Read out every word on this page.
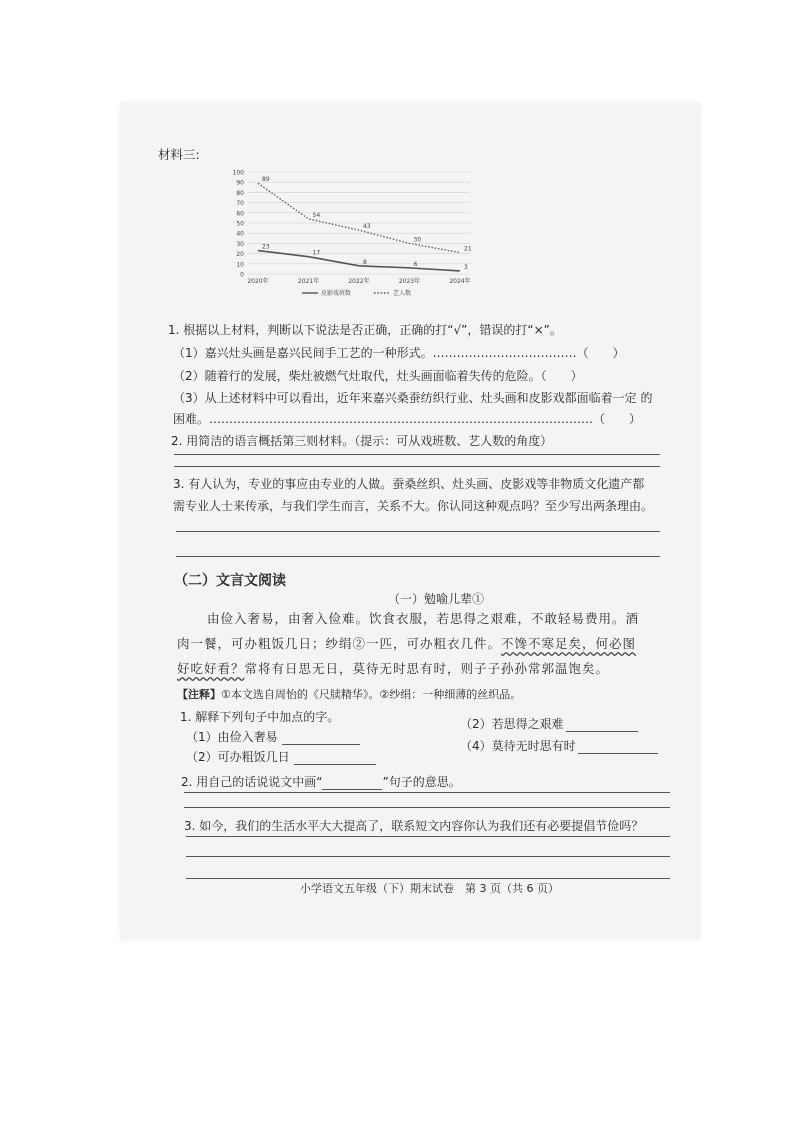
材料三:
0
10
20
30
40
50
60
70
80
90
100
2020年	2021年	2022年	2023年	2024年
23
17
8	6	3
89
54
43
30
21
皮影戏班数	艺人数
1. 根据以上材料，判断以下说法是否正确，正确的打“√”，错误的打“×”。
（1）嘉兴灶头画是嘉兴民间手工艺的一种形式。………………………………（　　）
（2）随着行的发展，柴灶被燃气灶取代，灶头画面临着失传的危险。（　　）
（3）从上述材料中可以看出，近年来嘉兴桑蚕纺织行业、灶头画和皮影戏都面临着一定 的
困难。……………………………………………………………………………………（　　）
2. 用简洁的语言概括第三则材料。（提示：可从戏班数、艺人数的角度）
3. 有人认为，专业的事应由专业的人做。蚕桑丝织、灶头画、皮影戏等非物质文化遗产都
需专业人士来传承，与我们学生而言，关系不大。你认同这种观点吗？至少写出两条理由。
（二）文言文阅读
（一）勉喻儿辈①
由俭入奢易，由奢入俭难。饮食衣服，若思得之艰难，不敢轻易费用。酒
肉一餐，可办粗饭几日；纱绢②一匹，可办粗衣几件。不馋不寒足矣，何必图
好吃好看？常将有日思无日，莫待无时思有时，则子子孙孙常郭温饱矣。
【注释】①本文选自周怡的《尺牍精华》。②纱绢：一种细薄的丝织品。
1. 解释下列句子中加点的字。
（1）由俭入奢易
（2）若思得之艰难
（2）可办粗饭几日
（4）莫待无时思有时
2. 用自己的话说说文中画“	”句子的意思。
3. 如今，我们的生活水平大大提高了，联系短文内容你认为我们还有必要提倡节俭吗？
小学语文五年级（下）期末试卷　第 3 页（共 6 页）
